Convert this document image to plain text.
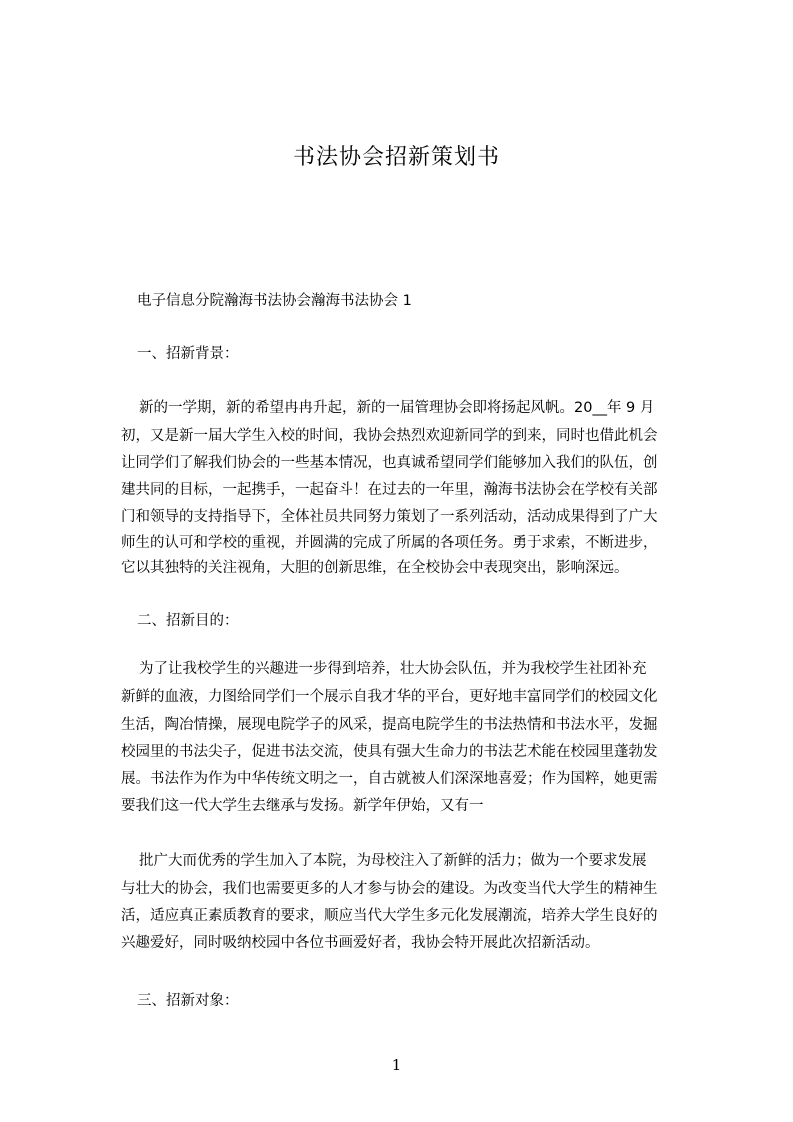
书法协会招新策划书
电子信息分院瀚海书法协会瀚海书法协会 1
一、招新背景：
新的一学期，新的希望冉冉升起，新的一届管理协会即将扬起风帆。20__年 9 月
初，又是新一届大学生入校的时间，我协会热烈欢迎新同学的到来，同时也借此机会
让同学们了解我们协会的一些基本情况，也真诚希望同学们能够加入我们的队伍，创
建共同的目标，一起携手，一起奋斗！在过去的一年里，瀚海书法协会在学校有关部
门和领导的支持指导下，全体社员共同努力策划了一系列活动，活动成果得到了广大
师生的认可和学校的重视，并圆满的完成了所属的各项任务。勇于求索，不断进步，
它以其独特的关注视角，大胆的创新思维，在全校协会中表现突出，影响深远。
二、招新目的：
为了让我校学生的兴趣进一步得到培养，壮大协会队伍，并为我校学生社团补充
新鲜的血液，力图给同学们一个展示自我才华的平台，更好地丰富同学们的校园文化
生活，陶冶情操，展现电院学子的风采，提高电院学生的书法热情和书法水平，发掘
校园里的书法尖子，促进书法交流，使具有强大生命力的书法艺术能在校园里蓬勃发
展。书法作为作为中华传统文明之一，自古就被人们深深地喜爱；作为国粹，她更需
要我们这一代大学生去继承与发扬。新学年伊始，又有一
批广大而优秀的学生加入了本院，为母校注入了新鲜的活力；做为一个要求发展
与壮大的协会，我们也需要更多的人才参与协会的建设。为改变当代大学生的精神生
活，适应真正素质教育的要求，顺应当代大学生多元化发展潮流，培养大学生良好的
兴趣爱好，同时吸纳校园中各位书画爱好者，我协会特开展此次招新活动。
三、招新对象：
1
